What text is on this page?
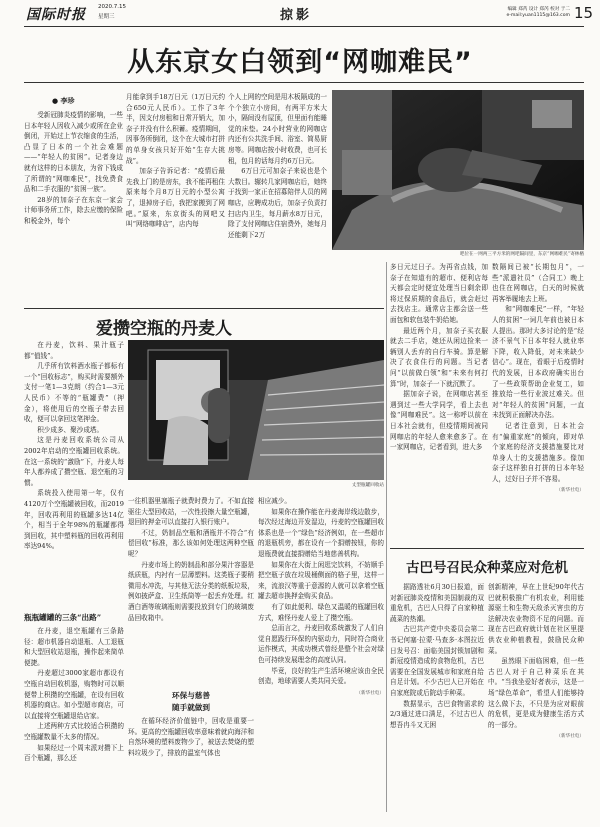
国际时报 2020.7.15
星期三	掠影	编辑 郑芮 设计 郑芮 校对 于二
e-mail:yuan1115@163.com 15
从东京女白领到“网咖难民”
● 李珍

受新冠肺炎疫情的影响，一些日本年轻人因收入减少或所在企业倒闭，开始过上节衣缩食的生活，凸显了日本的一个社会难题——“年轻人的贫困”。记者身边就有这样的日本朋友，为省下钱成了所谓的“网咖难民”，找免费食品和二手衣服的“贫困一族”。

28岁的加奈子在东京一家会计师事务所工作，除去应缴的保险和税金外，每个

月能拿到手18万日元（1万日元约合650元人民币）。工作了3年半，因支付房租和日常开销大，加奈子并没有什么积蓄。疫情期间，因事务所倒闭，这个在大城市打拼的单身女孩只好开始“生存大挑战”。

加奈子告诉记者：“疫情后最先我上门的是房东，我不能再租住原来每个月8万日元的小型公寓了，退掉房子后，我把家搬到了网吧。”原来，东京街头的网吧又叫“网络咖啡店”，店内每

个人上网的空间是用木板隔成的一个个独立小房间，有两平方米大小，隔间没有屋顶，但里面有能睡觉的床垫。24小时营业的网咖店内还有公共洗手间、浴室、简易厨房等。网咖店按小时收费，也可长租，包月的话每月约6万日元。

6万日元可加奈子来说也是个大数目。辗转几家网咖店后，她终于找到一家正在招募陪伴人员的网咖店，应聘成功后，加奈子负责打扫店内卫生，每月薪水8万日元，除了支付网咖店住宿费外，她每月还能剩下2万

吧位在一网两三平方米的网吧隔间里，东京“网咖难民”寄林楢

多日元过日子。为再省点钱，加奈子在知道有的超市、便利店每天都会定时便宜处理当日剩余即将过保质期的食品后，就会赶过去找店主。通常店主都会送一些面包和软包装牛奶给她。

最近两个月，加奈子买衣服就去二手店，她还从闲边捡来一辆别人丢弃的自行车骑。算是解决了衣食住行的问题。当记者问“以前做白领”和“未来有何打算”时，加奈子一下就沉默了。

据加奈子说，在网咖店甚至遇到过一些大学同学，看上去也像“网咖难民”。这一称呼以前在日本社会就有，但疫情期间被同网咖店的年轻人愈来愈多了。在一家网咖店，记者看到，进大多

数隔间已被“长期包月”，一些“派遣社员”（合同工）晚上也住在网咖店，白天的时候就再客举履地去上班。

和“网咖难民”一样，“年轻人的贫困”一词几年前也被日本人提出。那时大多讨论的是“经济不景气下日本年轻人就业率下降，收入降低，对未来缺少信心”。现在，看眼于后疫情时代的发展，日本政府确实出台了一些政策帮助企业复工，如推放给一些行业波过难关。但对“年轻人的贫困”问题，一直未找到正面解决办法。

记者注意到，日本社会有“偏重家庭”的倾向，即对单个家庭的经济支援措施要比对单身人士的支援措施多。像加奈子这样独自打拼的日本年轻人，过好日子并不容易。

（新华社电）
爱攒空瓶的丹麦人

在丹麦，饮料、果汁瓶子都“值钱”。

几乎所有饮料酒水瓶子都标有一个“回收标志”，购买时需要额外支付一笔1—3克朗（约合1—3元人民币）不等的“瓶罐费”（押金），将使用后的空瓶子带去回收，便可以拿回这笔押金。

积少成多、聚沙成塔。

这是丹麦回收系统公司从2002年启动的空瓶罐回收系统。在这一系统的“激励”下，丹麦人每年人都养成了攒空瓶、退空瓶的习惯。

系统投入使用第一年，仅有4120万个空瓶罐被回收，而2019年，回收再利用的瓶罐多达14亿个，相当于全年98%的瓶罐都得到回收，其中塑料瓶的回收再利用率达94%。

瓶瓶罐罐的三条“出路”

在丹麦，退空瓶罐有三条路径：超市机器自动退瓶、人工退瓶和大型回收站退瓶，操作起来简单便捷。

丹麦超过3000家超市都设有空瓶自动回收机器，购物时可以顺便带上积攒的空瓶罐，在设有回收机器的商店。如小型超市商店，可以直接将空瓶罐退给店家。

上述两种方式比较适合积攒的空瓶罐数量不太多的情况。

如果经过一个周末派对攒下上百个瓶罐，那么还

丈型瓶罐回收站

一往机器里塞瓶子就费时费力了。不如直接驱往大型回收站，一次性投擦大量空瓶罐，退回的押金可以直接打入银行账户。

不过，奶制品空瓶和酒瓶并不符合“有偿回收”标准，那么该如何处理这两种空瓶呢？

丹麦市场上的奶制品和部分果汁容器是纸质瓶，内衬有一层薄塑料。这类瓶子要稍微用水冲洗，与其他无法分类的纸板垃圾，例如披萨盒、卫生纸筒等一起丢弃处理。红酒白酒等玻璃瓶则需要投放到专门的玻璃废品回收箱中。

环保与慈善
随手就做到

在循环经济价值链中，回收是重要一环。更高的空瓶罐回收率意味着就向海洋和自然环境的塑料废物少了，被送去焚烧的塑料垃圾少了，排放的温室气体也

相应减少。

如果你在操作能在丹麦海岸线边散步，每次经过海边开发湿边，丹麦的空瓶罐回收体系也是一个“绿色”经济例如，在一些超市的退瓶机旁，都在设有一个捐赠按钮，你的退瓶费就直接捐赠给当地慈善机构。

如果你在大街上闲逛完饮料，不妨顺手把空瓶子放在垃圾桶侧面的格子里，这样一来，流浪汉等重于意源的人就可以拿着空瓶罐去超市换押金购买食品。

有了如此便利、绿色又温暖的瓶罐回收方式，难怪丹麦人爱上了攒空瓶。

总而言之，丹麦回收系统激发了人们自觉自愿践行环保的内驱动力，同时符合商业运作模式，其成功模式曾经是整个社会对绿色可持续发展理念的高度认同。

毕竟，良好的生产生活环境应该由全民创造，地球需要人类共同关爱。

（新华社电）
古巴号召民众种菜应对危机

据路透社6月30日报道，面对新冠肺炎疫情和美国制裁的双重危机，古巴人只得了自家种植蔬菜的热潮。

古巴共产党中央委员会第二书记何塞·拉蒙·马查多·本图拉近日发号召：面临美国封锁加剧和新冠疫情造成的食物危机，古巴需要在全国发展城市和家庭自给自足计划。不少古巴人已开始在自家庭院或后院动手种菜。

数据显示，古巴食物需求的2/3通过进口满足，不过古巴人想吾冉斗又无困

创新精神，早在上世纪90年代古巴就积极推广有机农业，利用能源驱土和生物天敌杀灭害虫的方法解决农业物资不足的问题。而现在古巴政府就计划在社区里提供农业种植教程，鼓励民众种菜。

虽然眼下面临困难，但一些古巴人对于自己种菜乐在其中。“当我坐爱好者表示，这是一场“绿色革命”，希望人们能够持这么做下去，不只是为应对眼前的危机，更是成为健康生活方式的一部分。

（新华社电）
